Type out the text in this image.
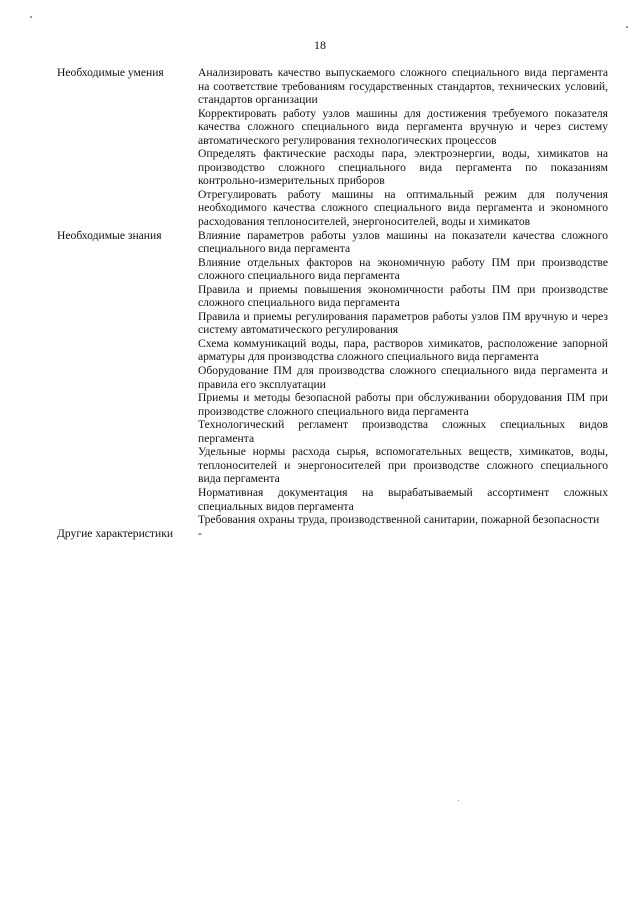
18
Необходимые умения	Анализировать качество выпускаемого сложного специального вида пергамента на соответствие требованиям государственных стандартов, технических условий, стандартов организации

Корректировать работу узлов машины для достижения требуемого показателя качества сложного специального вида пергамента вручную и через систему автоматического регулирования технологических процессов

Определять фактические расходы пара, электроэнергии, воды, химикатов на производство сложного специального вида пергамента по показаниям контрольно-измерительных приборов

Отрегулировать работу машины на оптимальный режим для получения необходимого качества сложного специального вида пергамента и экономного расходования теплоносителей, энергоносителей, воды и химикатов

Необходимые знания	Влияние параметров работы узлов машины на показатели качества сложного специального вида пергамента

Влияние отдельных факторов на экономичную работу ПМ при производстве сложного специального вида пергамента

Правила и приемы повышения экономичности работы ПМ при производстве сложного специального вида пергамента

Правила и приемы регулирования параметров работы узлов ПМ вручную и через систему автоматического регулирования

Схема коммуникаций воды, пара, растворов химикатов, расположение запорной арматуры для производства сложного специального вида пергамента

Оборудование ПМ для производства сложного специального вида пергамента и правила его эксплуатации

Приемы и методы безопасной работы при обслуживании оборудования ПМ при производстве сложного специального вида пергамента

Технологический регламент производства сложных специальных видов пергамента

Удельные нормы расхода сырья, вспомогательных веществ, химикатов, воды, теплоносителей и энергоносителей при производстве сложного специального вида пергамента

Нормативная документация на вырабатываемый ассортимент сложных специальных видов пергамента

Требования охраны труда, производственной санитарии, пожарной безопасности

Другие характеристики	-
